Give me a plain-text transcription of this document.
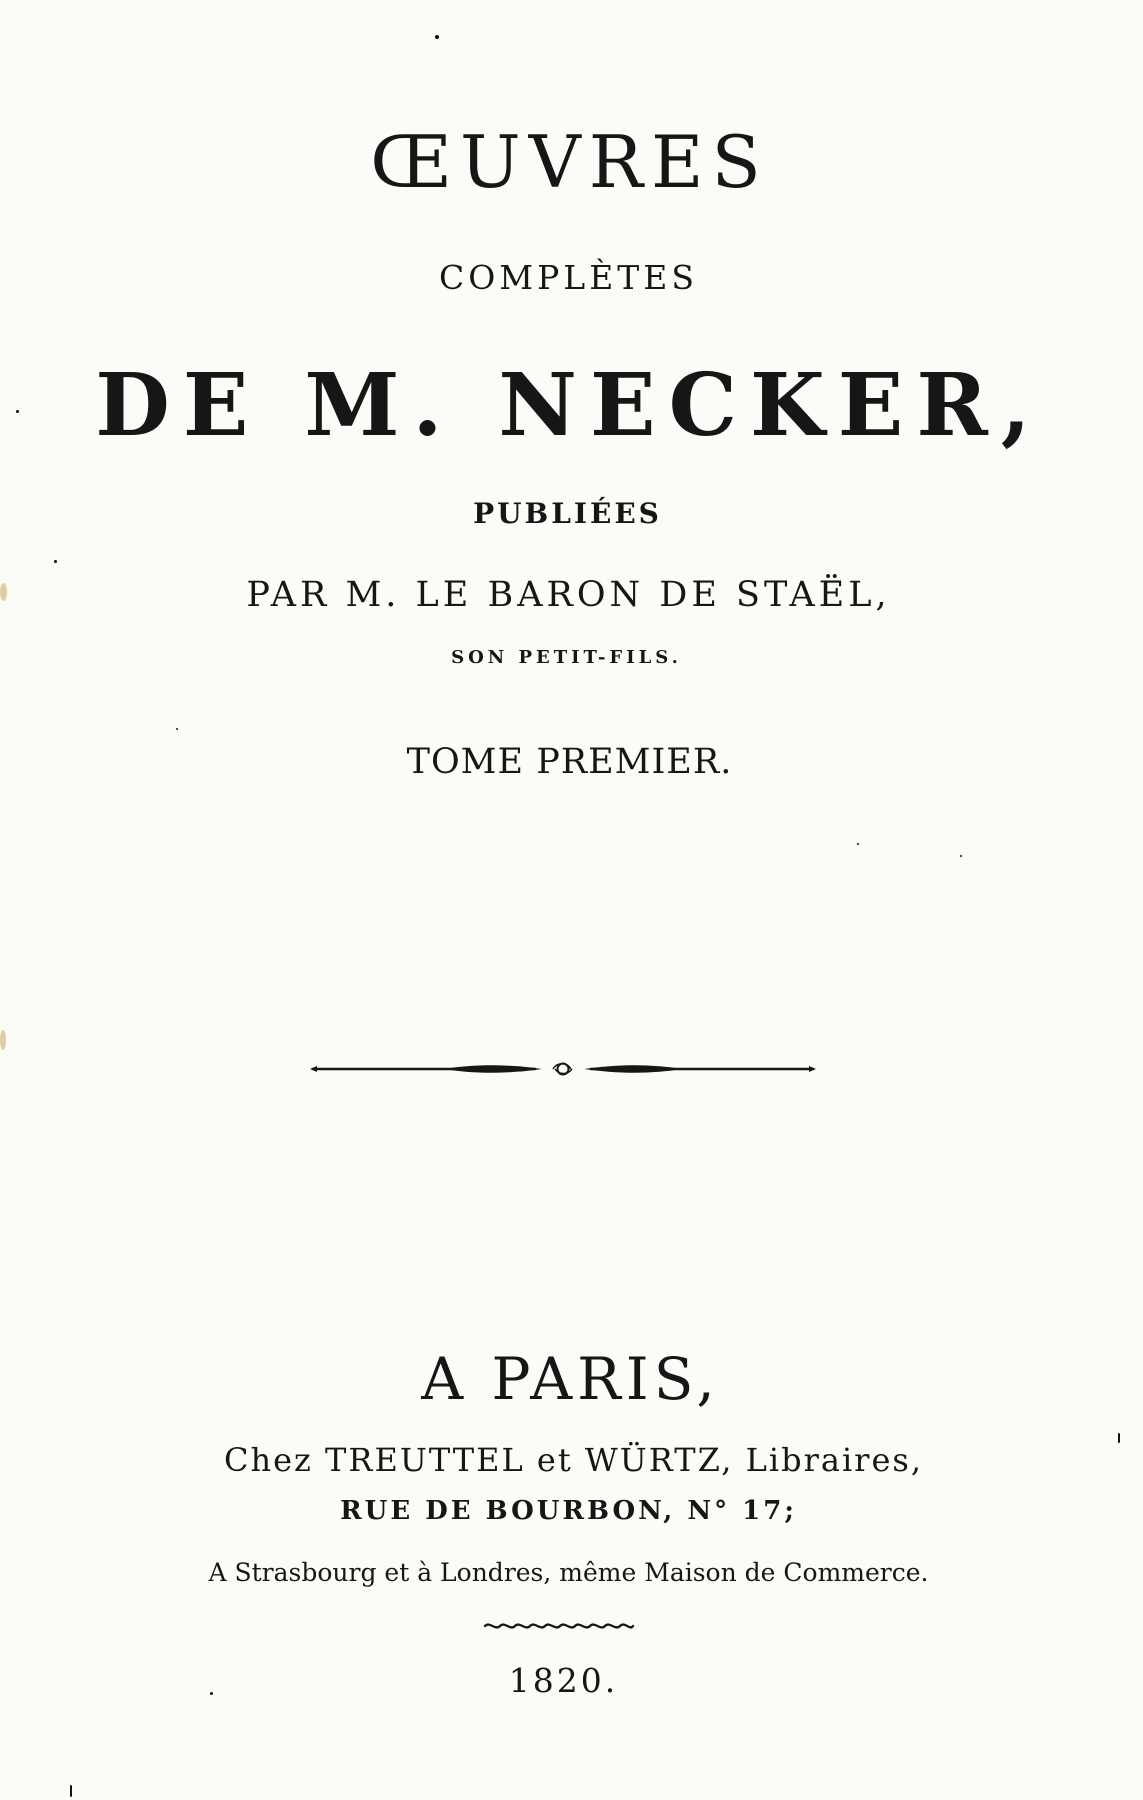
ŒUVRES
COMPLÈTES
DE M. NECKER,
PUBLIÉES
PAR M. LE BARON DE STAËL,
SON PETIT-FILS.
TOME PREMIER.
A PARIS,
Chez TREUTTEL et WÜRTZ, Libraires,
RUE DE BOURBON, N° 17;
A Strasbourg et à Londres, même Maison de Commerce.
1820.
